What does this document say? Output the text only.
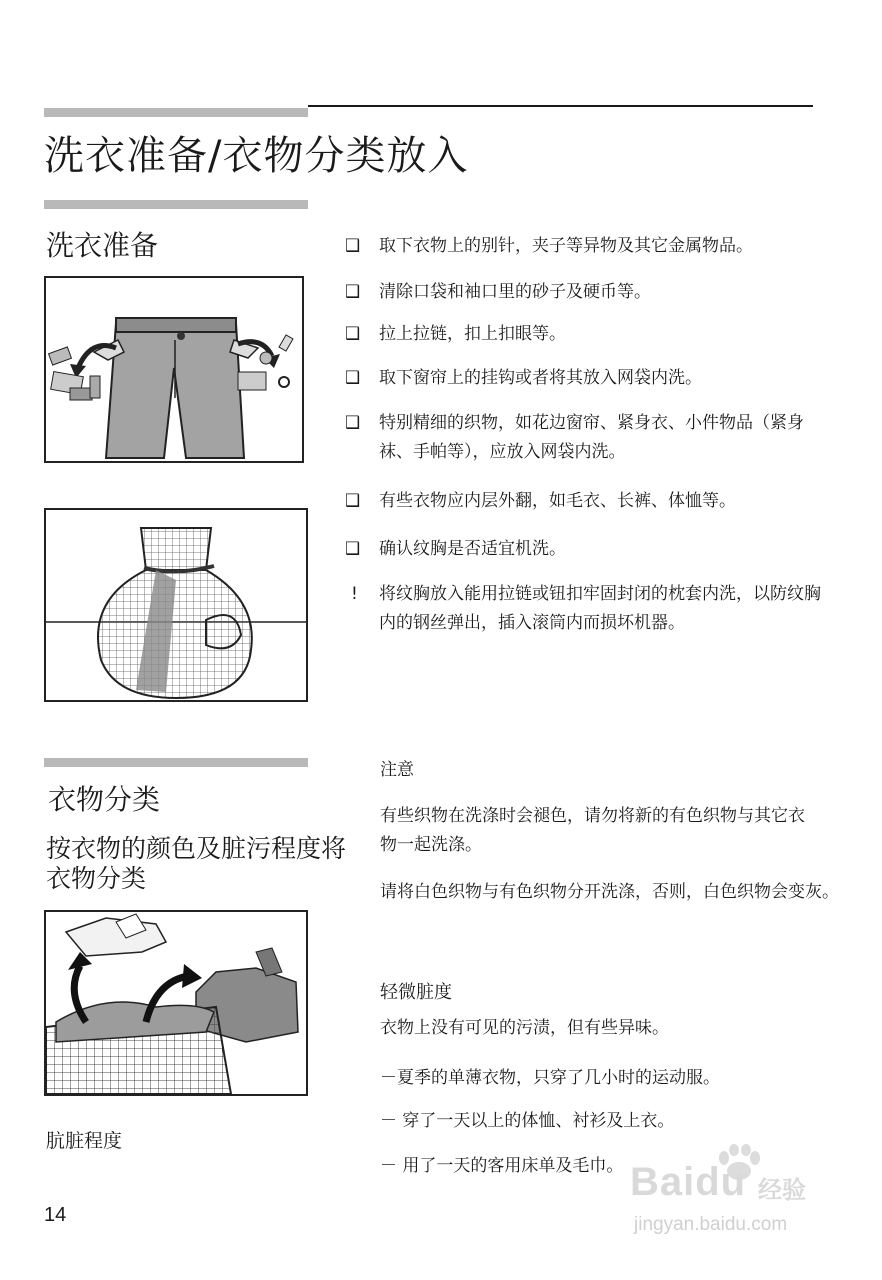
洗衣准备/衣物分类放入
洗衣准备	❑	取下衣物上的别针，夹子等异物及其它金属物品。
❑	清除口袋和袖口里的砂子及硬币等。
❑	拉上拉链，扣上扣眼等。
❑	取下窗帘上的挂钩或者将其放入网袋内洗。
❑	特别精细的织物，如花边窗帘、紧身衣、小件物品（紧身袜、手帕等），应放入网袋内洗。
❑	有些衣物应内层外翻，如毛衣、长裤、体恤等。
❑	确认纹胸是否适宜机洗。
!	将纹胸放入能用拉链或钮扣牢固封闭的枕套内洗，以防纹胸内的钢丝弹出，插入滚筒内而损坏机器。
衣物分类
按衣物的颜色及脏污程度将衣物分类
肮脏程度
注意
有些织物在洗涤时会褪色，请勿将新的有色织物与其它衣物一起洗涤。
请将白色织物与有色织物分开洗涤，否则，白色织物会变灰。
轻微脏度
衣物上没有可见的污渍，但有些异味。
－夏季的单薄衣物，只穿了几小时的运动服。
－ 穿了一天以上的体恤、衬衫及上衣。
－ 用了一天的客用床单及毛巾。
14
Baidu 经验
jingyan.baidu.com
